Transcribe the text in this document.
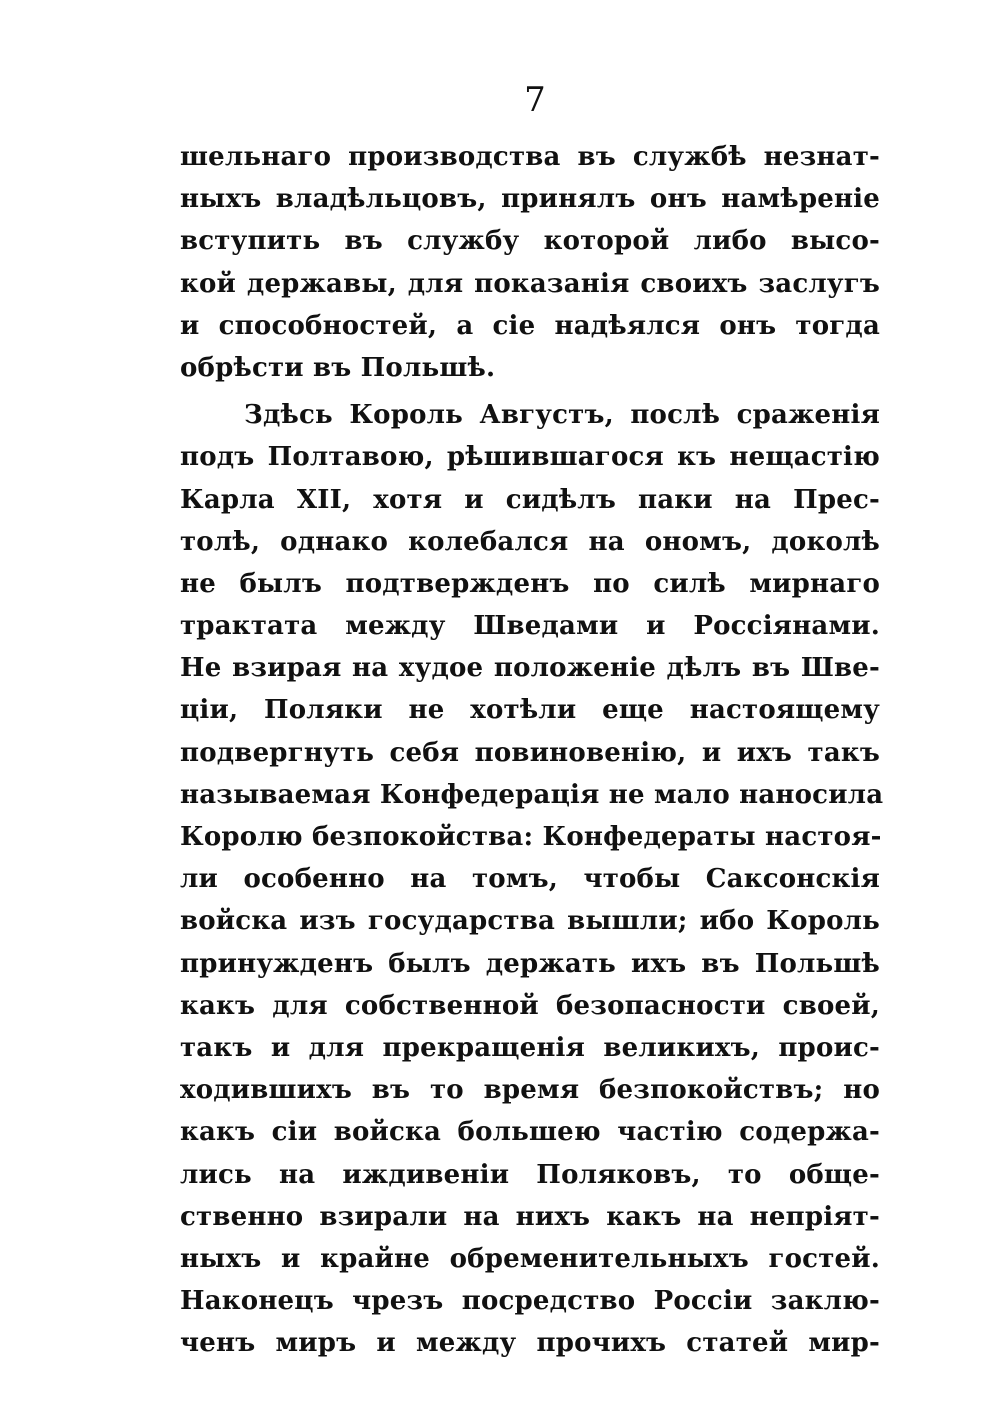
7
шельнаго производства въ службѣ незнат-
ныхъ владѣльцовъ, принялъ онъ намѣреніе
вступить въ службу которой либо высо-
кой державы, для показанія своихъ заслугъ
и способностей, а сіе надѣялся онъ тогда
обрѣсти въ Польшѣ.
Здѣсь Король Августъ, послѣ сраженія
подъ Полтавою, рѣшившагося къ нещастію
Карла XII, хотя и сидѣлъ паки на Прес-
толѣ, однако колебался на ономъ, доколѣ
не былъ подтвержденъ по силѣ мирнаго
трактата между Шведами и Россіянами.
Не взирая на худое положеніе дѣлъ въ Шве-
ціи, Поляки не хотѣли еще настоящему
подвергнуть себя повиновенію, и ихъ такъ
называемая Конфедерація не мало наносила
Королю безпокойства: Конфедераты настоя-
ли особенно на томъ, чтобы Саксонскія
войска изъ государства вышли; ибо Король
принужденъ былъ держать ихъ въ Польшѣ
какъ для собственной безопасности своей,
такъ и для прекращенія великихъ, проис-
ходившихъ въ то время безпокойствъ; но
какъ сіи войска большею частію содержа-
лись на иждивеніи Поляковъ, то обще-
ственно взирали на нихъ какъ на непріят-
ныхъ и крайне обременительныхъ гостей.
Наконецъ чрезъ посредство Россіи заклю-
ченъ миръ и между прочихъ статей мир-
